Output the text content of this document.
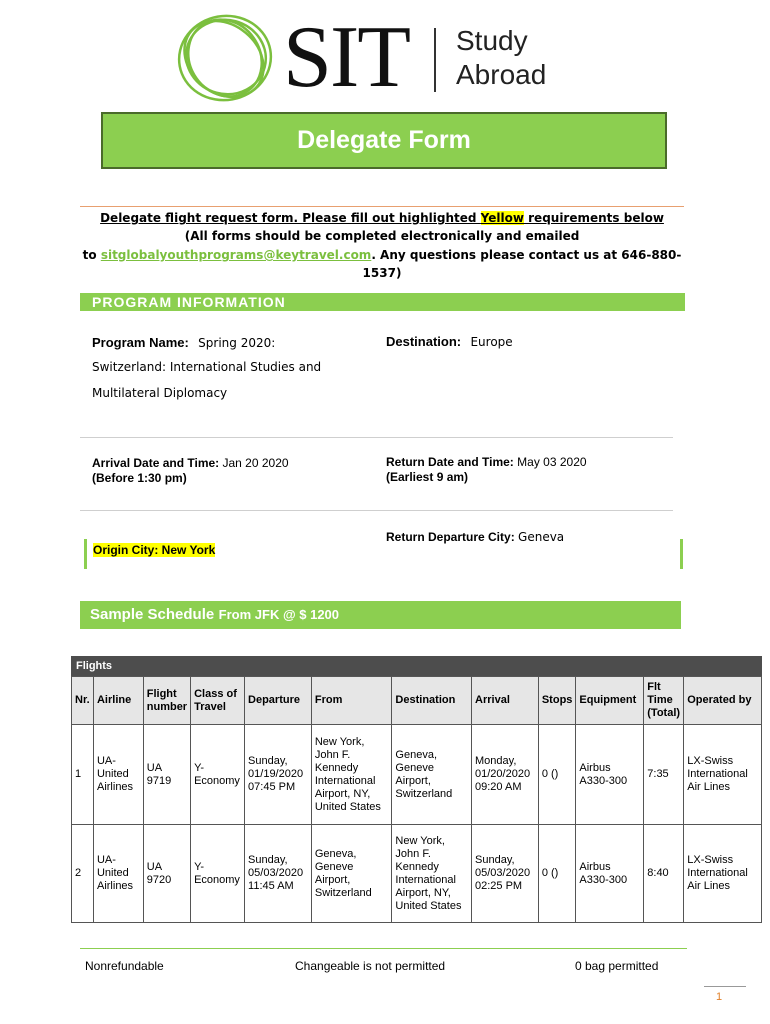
SIT Study
Abroad
Delegate Form
Delegate flight request form. Please fill out highlighted Yellow requirements below
(All forms should be completed electronically and emailed
to sitglobalyouthprograms@keytravel.com. Any questions please contact us at 646-880-1537)
PROGRAM INFORMATION
Program Name: Spring 2020:
Switzerland: International Studies and
Multilateral Diplomacy
Destination: Europe
Arrival Date and Time: Jan 20 2020
(Before 1:30 pm)
Return Date and Time: May 03 2020
(Earliest 9 am)
Return Departure City: Geneva
Origin City: New York
Sample Schedule From JFK @ $ 1200
Flights
Nr.	Airline	Flight number	Class of Travel	Departure	From	Destination	Arrival	Stops	Equipment	Flt Time (Total)	Operated by
1	UA-United Airlines	UA 9719	Y-Economy	Sunday, 01/19/2020 07:45 PM	New York, John F. Kennedy International Airport, NY, United States	Geneva, Geneve Airport, Switzerland	Monday, 01/20/2020 09:20 AM	0 ()	Airbus A330-300	7:35	LX-Swiss International Air Lines
2	UA-United Airlines	UA 9720	Y-Economy	Sunday, 05/03/2020 11:45 AM	Geneva, Geneve Airport, Switzerland	New York, John F. Kennedy International Airport, NY, United States	Sunday, 05/03/2020 02:25 PM	0 ()	Airbus A330-300	8:40	LX-Swiss International Air Lines
Nonrefundable	Changeable is not permitted	0 bag permitted
1
